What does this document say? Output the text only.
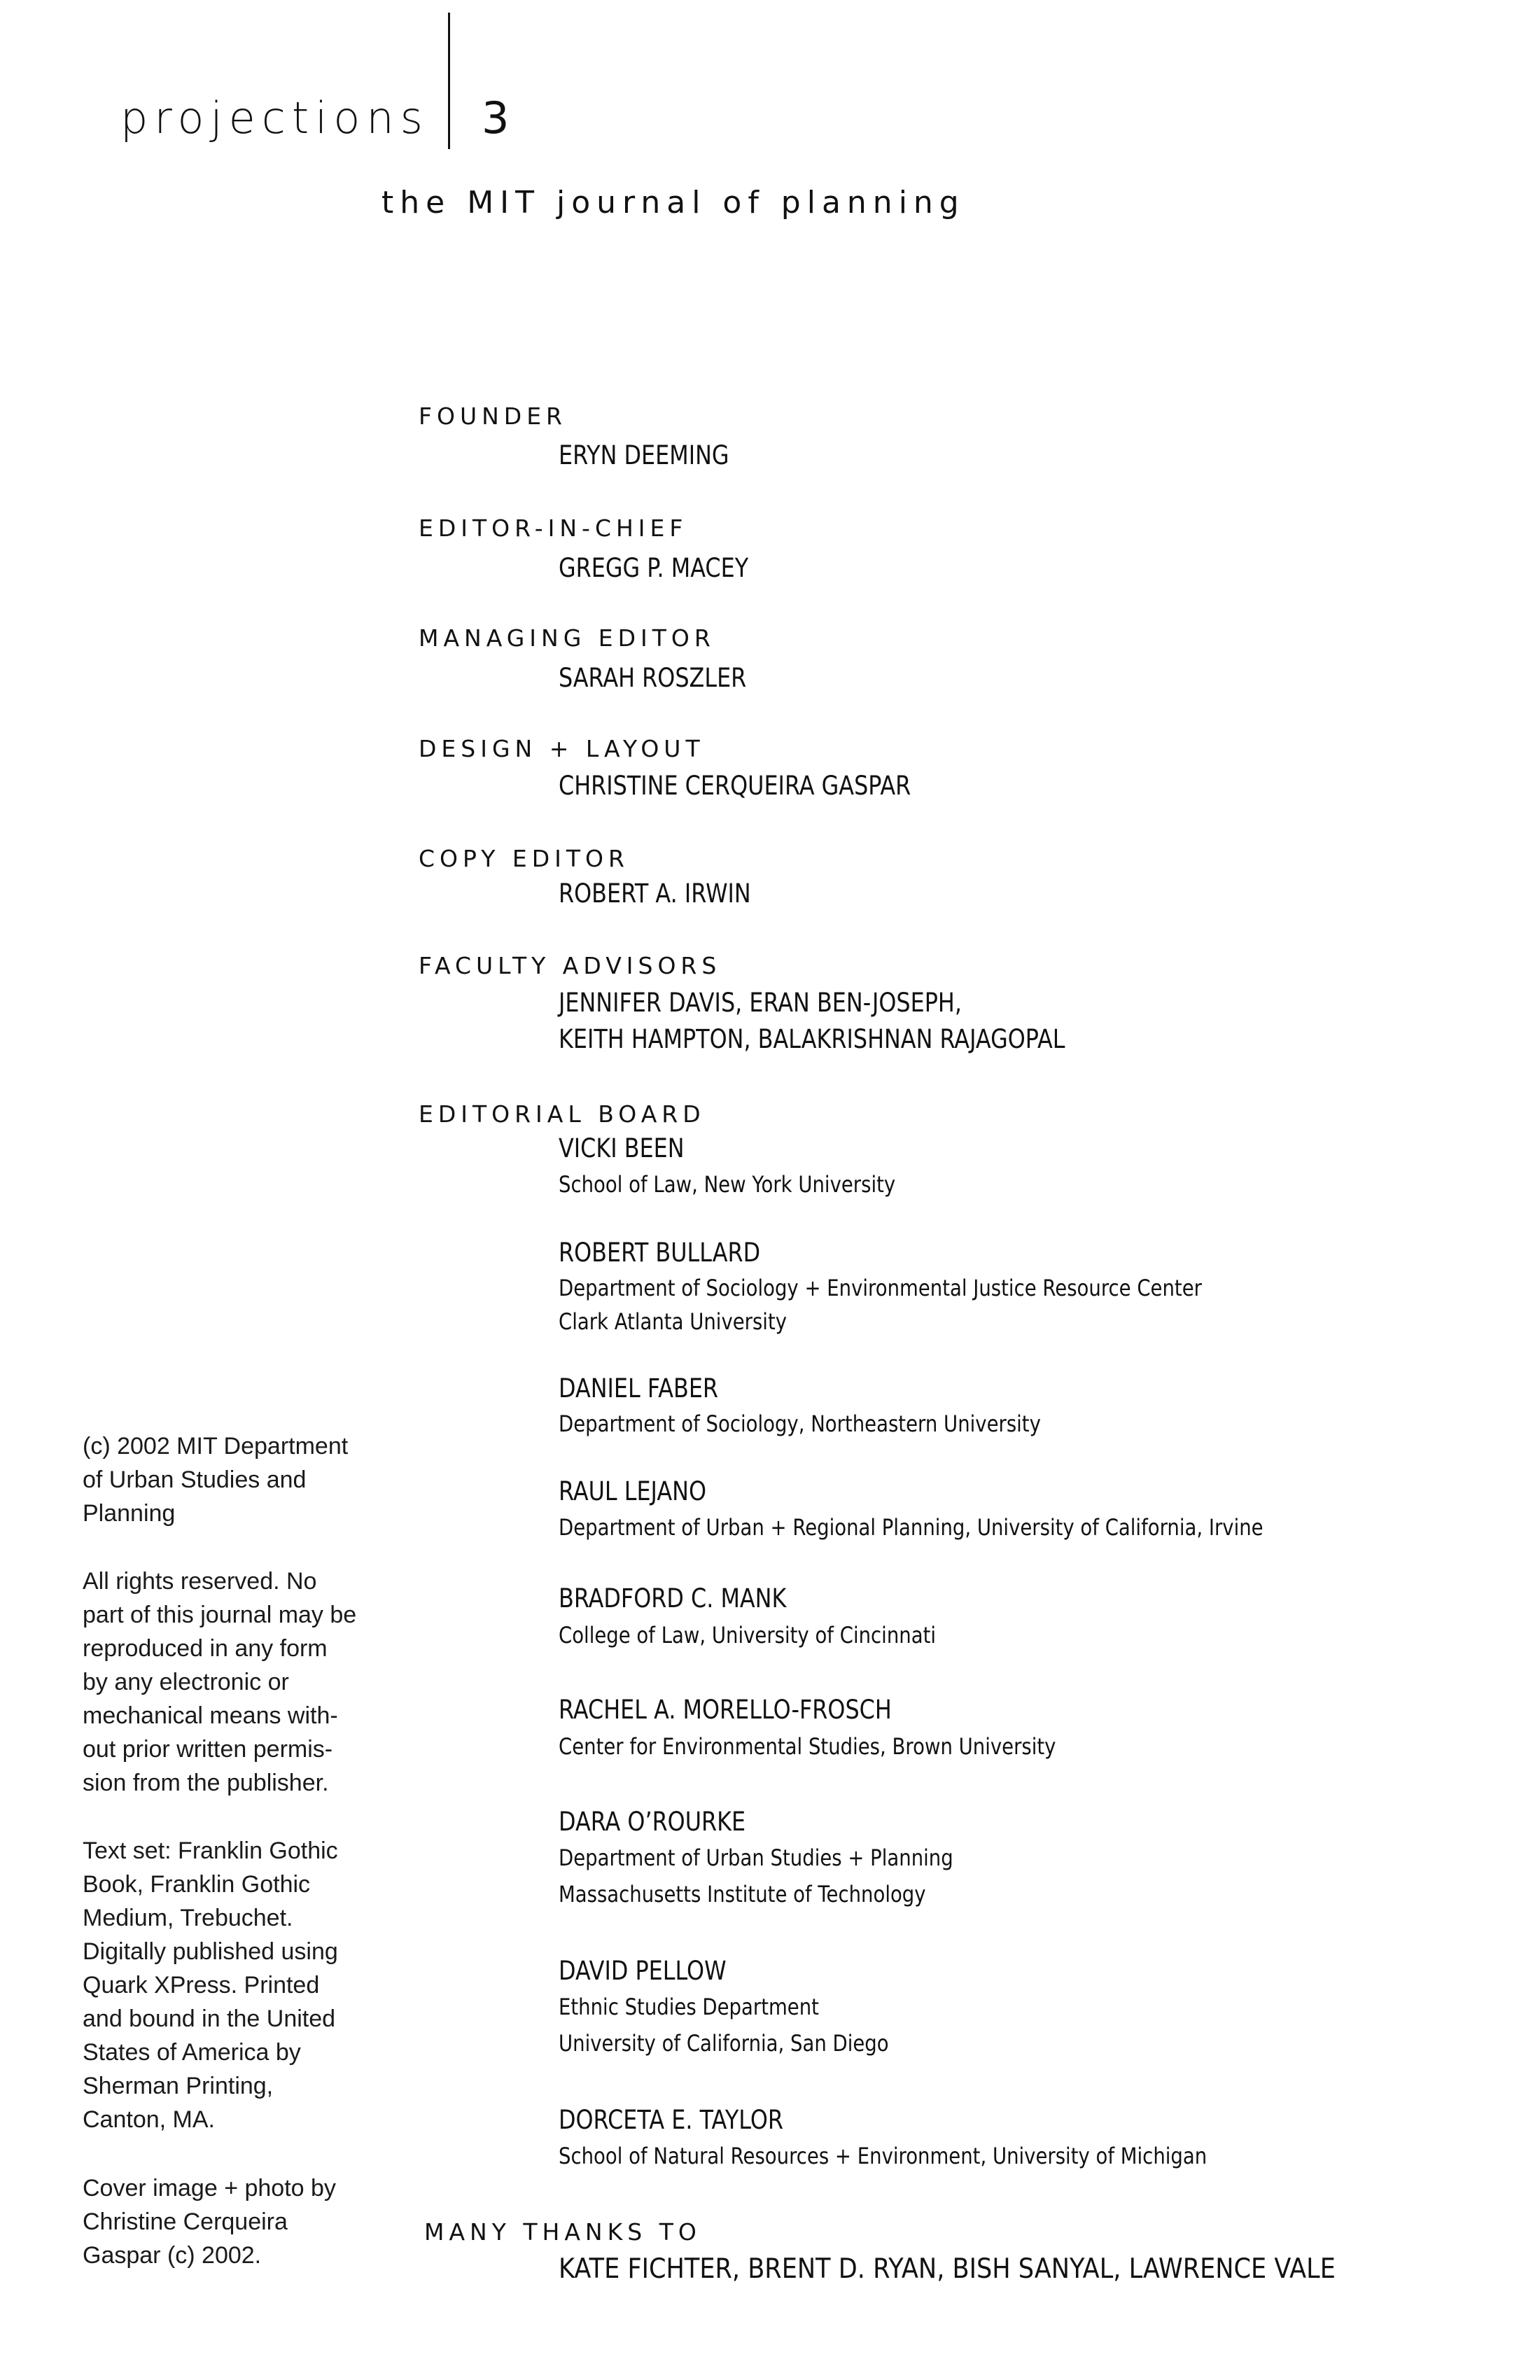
projections 3
the MIT journal of planning
FOUNDER
ERYN DEEMING
EDITOR-IN-CHIEF
GREGG P. MACEY
MANAGING EDITOR
SARAH ROSZLER
DESIGN + LAYOUT
CHRISTINE CERQUEIRA GASPAR
COPY EDITOR
ROBERT A. IRWIN
FACULTY ADVISORS
JENNIFER DAVIS, ERAN BEN-JOSEPH,
KEITH HAMPTON, BALAKRISHNAN RAJAGOPAL
EDITORIAL BOARD
VICKI BEEN
School of Law, New York University
ROBERT BULLARD
Department of Sociology + Environmental Justice Resource Center
Clark Atlanta University
DANIEL FABER
Department of Sociology, Northeastern University
RAUL LEJANO
Department of Urban + Regional Planning, University of California, Irvine
BRADFORD C. MANK
College of Law, University of Cincinnati
RACHEL A. MORELLO-FROSCH
Center for Environmental Studies, Brown University
DARA O’ROURKE
Department of Urban Studies + Planning
Massachusetts Institute of Technology
DAVID PELLOW
Ethnic Studies Department
University of California, San Diego
DORCETA E. TAYLOR
School of Natural Resources + Environment, University of Michigan
MANY THANKS TO
KATE FICHTER, BRENT D. RYAN, BISH SANYAL, LAWRENCE VALE

(c) 2002 MIT Department

of Urban Studies and

Planning

All rights reserved. No

part of this journal may be

reproduced in any form

by any electronic or

mechanical means with-

out prior written permis-

sion from the publisher.

Text set: Franklin Gothic

Book, Franklin Gothic

Medium, Trebuchet.

Digitally published using

Quark XPress. Printed

and bound in the United

States of America by

Sherman Printing,

Canton, MA.

Cover image + photo by

Christine Cerqueira

Gaspar (c) 2002.
